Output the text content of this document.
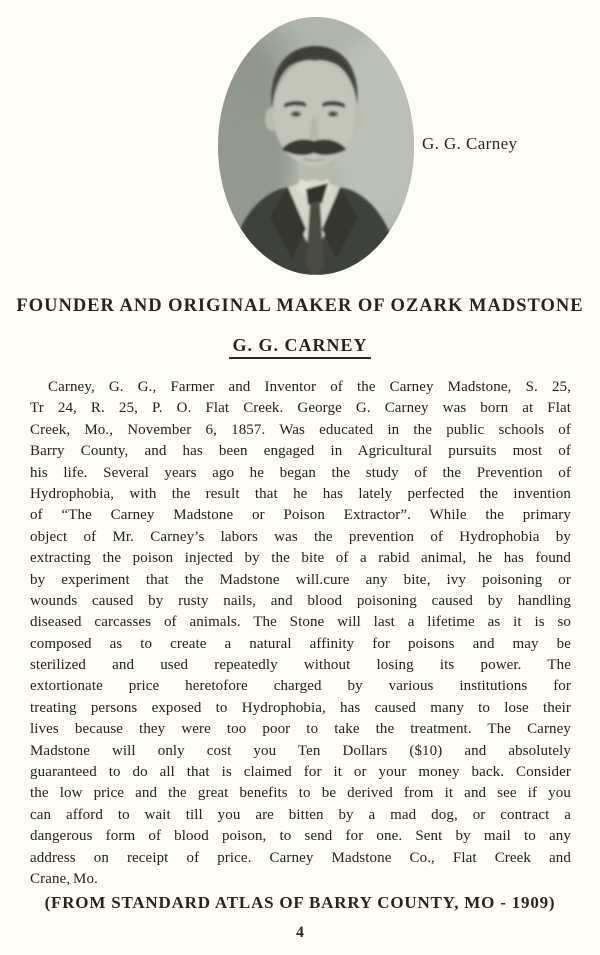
G. G. Carney
FOUNDER AND ORIGINAL MAKER OF OZARK MADSTONE
G. G. CARNEY
Carney, G. G., Farmer and Inventor of the Carney Madstone, S. 25,
Tr 24, R. 25, P. O. Flat Creek. George G. Carney was born at Flat
Creek, Mo., November 6, 1857. Was educated in the public schools of
Barry County, and has been engaged in Agricultural pursuits most of
his life. Several years ago he began the study of the Prevention of
Hydrophobia, with the result that he has lately perfected the invention
of “The Carney Madstone or Poison Extractor”. While the primary
object of Mr. Carney’s labors was the prevention of Hydrophobia by
extracting the poison injected by the bite of a rabid animal, he has found
by experiment that the Madstone will.cure any bite, ivy poisoning or
wounds caused by rusty nails, and blood poisoning caused by handling
diseased carcasses of animals. The Stone will last a lifetime as it is so
composed as to create a natural affinity for poisons and may be
sterilized and used repeatedly without losing its power. The
extortionate price heretofore charged by various institutions for
treating persons exposed to Hydrophobia, has caused many to lose their
lives because they were too poor to take the treatment. The Carney
Madstone will only cost you Ten Dollars ($10) and absolutely
guaranteed to do all that is claimed for it or your money back. Consider
the low price and the great benefits to be derived from it and see if you
can afford to wait till you are bitten by a mad dog, or contract a
dangerous form of blood poison, to send for one. Sent by mail to any
address on receipt of price. Carney Madstone Co., Flat Creek and
Crane, Mo.
(FROM STANDARD ATLAS OF BARRY COUNTY, MO - 1909)
4
